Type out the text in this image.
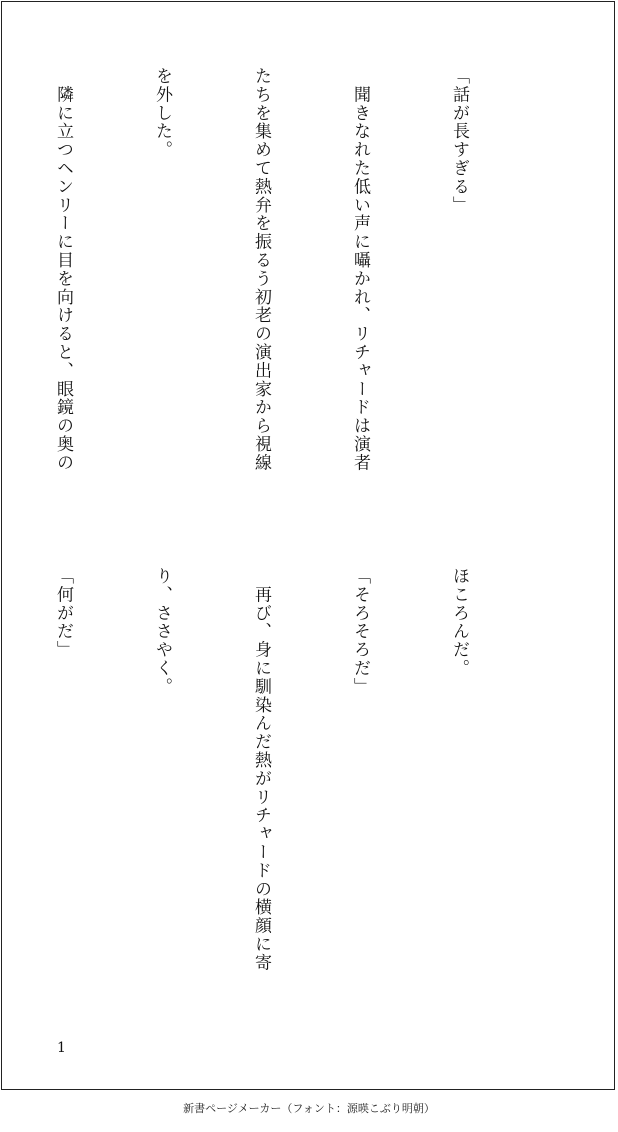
「話が長すぎる」

　聞きなれた低い声に囁かれ、リチャードは演者

たちを集めて熱弁を振るう初老の演出家から視線

を外した。

　隣に立つヘンリーに目を向けると、眼鏡の奥の

ほころんだ。

「そろそろだ」

　再び、身に馴染んだ熱がリチャードの横顔に寄

り、ささやく。

「何がだ」

1

新書ページメーカー（フォント：源暎こぶり明朝）
